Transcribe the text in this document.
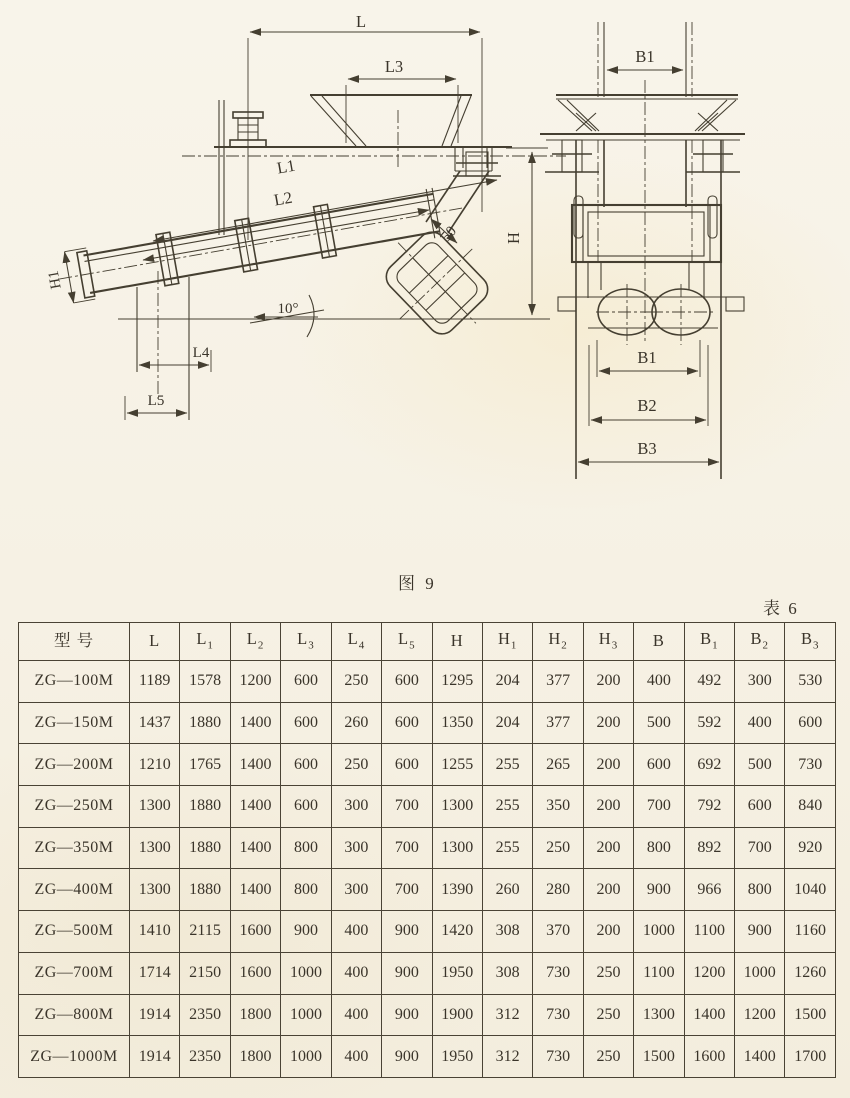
L
L3
50	H
H1
L1
L2
10°
L4
L5
B1
B1
B2
B3
图 9
表 6
型 号	L	$L_1$	$L_2$	$L_3$	$L_4$	$L_5$	H	$H_1$	$H_2$	$H_3$	B	$B_1$	$B_2$	$B_3$
ZG—100M	1189	1578	1200	600	250	600	1295	204	377	200	400	492	300	530
ZG—150M	1437	1880	1400	600	260	600	1350	204	377	200	500	592	400	600
ZG—200M	1210	1765	1400	600	250	600	1255	255	265	200	600	692	500	730
ZG—250M	1300	1880	1400	600	300	700	1300	255	350	200	700	792	600	840
ZG—350M	1300	1880	1400	800	300	700	1300	255	250	200	800	892	700	920
ZG—400M	1300	1880	1400	800	300	700	1390	260	280	200	900	966	800	1040
ZG—500M	1410	2115	1600	900	400	900	1420	308	370	200	1000	1100	900	1160
ZG—700M	1714	2150	1600	1000	400	900	1950	308	730	250	1100	1200	1000	1260
ZG—800M	1914	2350	1800	1000	400	900	1900	312	730	250	1300	1400	1200	1500
ZG—1000M	1914	2350	1800	1000	400	900	1950	312	730	250	1500	1600	1400	1700
